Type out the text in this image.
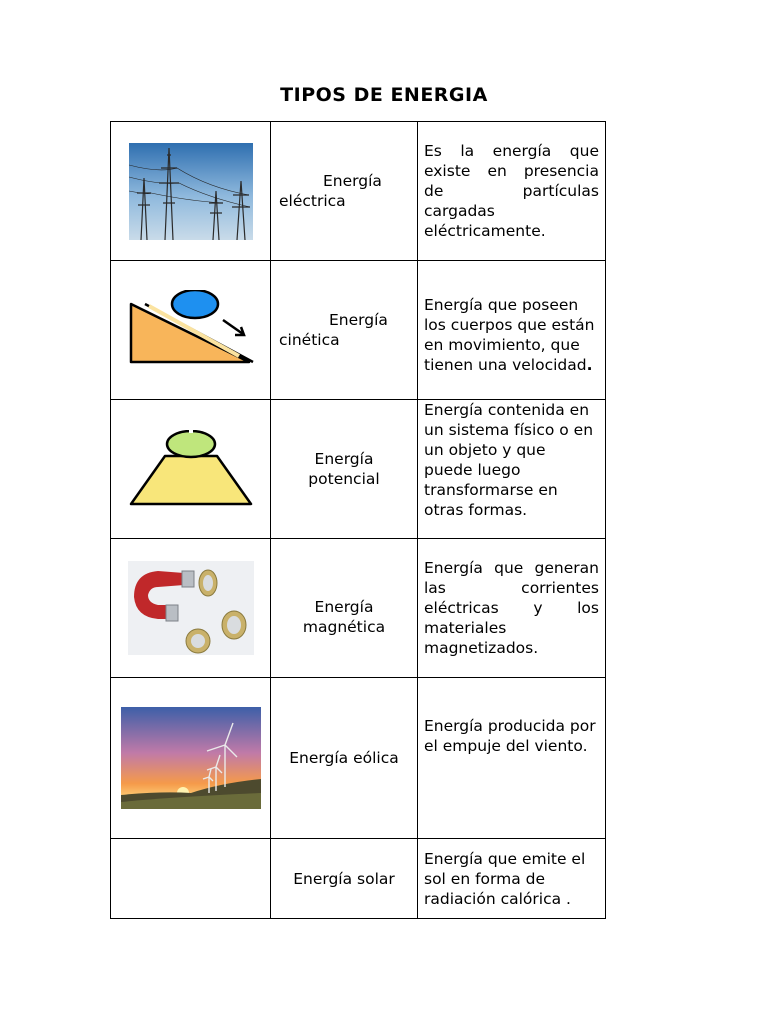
TIPOS DE ENERGIA

Energía eléctrica	Es la energía que existe en presencia de partículas cargadas eléctricamente.

Energía cinética	Energía que poseen los cuerpos que están en movimiento, que tienen una velocidad.

Energía potencial	Energía contenida en un sistema físico o en un objeto y que puede luego transformarse en otras formas.

Energía magnética	Energía que generan las corrientes eléctricas y los materiales magnetizados.

Energía eólica	Energía producida por el empuje del viento.

	Energía solar	Energía que emite el sol en forma de radiación calórica .
